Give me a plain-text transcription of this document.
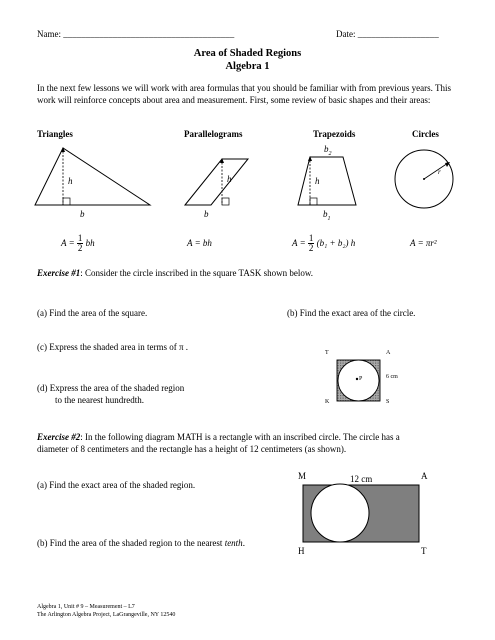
Name: ______________________________________	Date: __________________
Area of Shaded Regions
Algebra 1
In the next few lessons we will work with area formulas that you should be familiar with from previous years. This work will reinforce concepts about area and measurement. First, some review of basic shapes and their areas:
Triangles	Parallelograms	Trapezoids	Circles
h
b
h
b
h
$b_2$
$b_1$
r
$A = \frac{1}{2}$ bh	A = bh	$A = \frac{1}{2} (b_1 + b_2)$ h	A = πr²
Exercise #1: Consider the circle inscribed in the square TASK shown below.
(a) Find the area of the square.	(b) Find the exact area of the circle.
(c) Express the shaded area in terms of π .
(d) Express the area of the shaded region
to the nearest hundredth.
T	A
K	S
P	6 cm
Exercise #2: In the following diagram MATH is a rectangle with an inscribed circle. The circle has a
diameter of 8 centimeters and the rectangle has a height of 12 centimeters (as shown).
(a) Find the exact area of the shaded region.
(b) Find the area of the shaded region to the nearest tenth.
M	A
H	T
12 cm
Algebra 1, Unit # 9 – Measurement – L7
The Arlington Algebra Project, LaGrangeville, NY 12540
